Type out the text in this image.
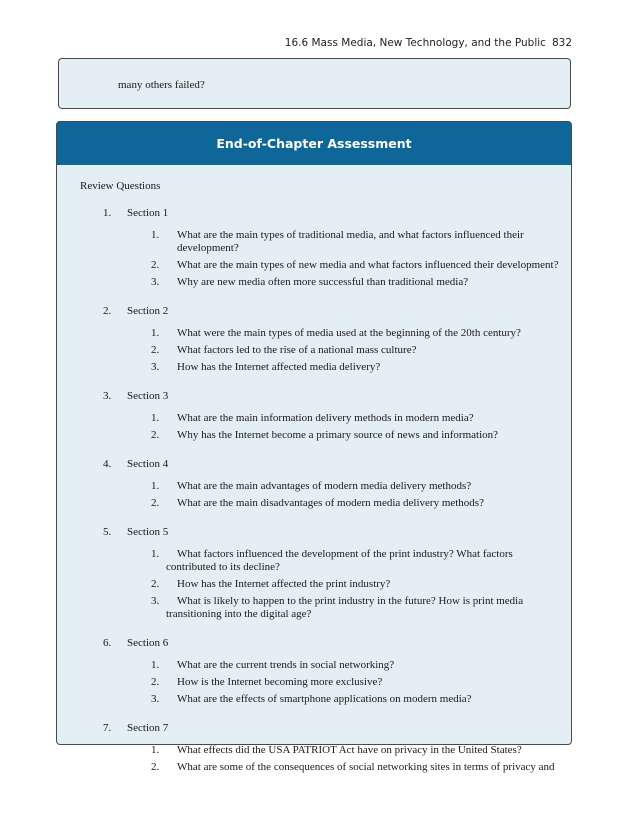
16.6 Mass Media, New Technology, and the Public 832
many others failed?
End-of-Chapter Assessment
Review Questions
1. Section 1
1.	What are the main types of traditional media, and what factors influenced their development?
2.	What are the main types of new media and what factors influenced their development?
3.	Why are new media often more successful than traditional media?
2. Section 2
1.	What were the main types of media used at the beginning of the 20th century?
2.	What factors led to the rise of a national mass culture?
3.	How has the Internet affected media delivery?
3. Section 3
1.	What are the main information delivery methods in modern media?
2.	Why has the Internet become a primary source of news and information?
4. Section 4
1.	What are the main advantages of modern media delivery methods?
2.	What are the main disadvantages of modern media delivery methods?
5. Section 5
1.	What factors influenced the development of the print industry? What factors contributed to its decline?
2.	How has the Internet affected the print industry?
3.	What is likely to happen to the print industry in the future? How is print media transitioning into the digital age?
6. Section 6
1.	What are the current trends in social networking?
2.	How is the Internet becoming more exclusive?
3.	What are the effects of smartphone applications on modern media?
7. Section 7
1.	What effects did the USA PATRIOT Act have on privacy in the United States?
2.	What are some of the consequences of social networking sites in terms of privacy and
